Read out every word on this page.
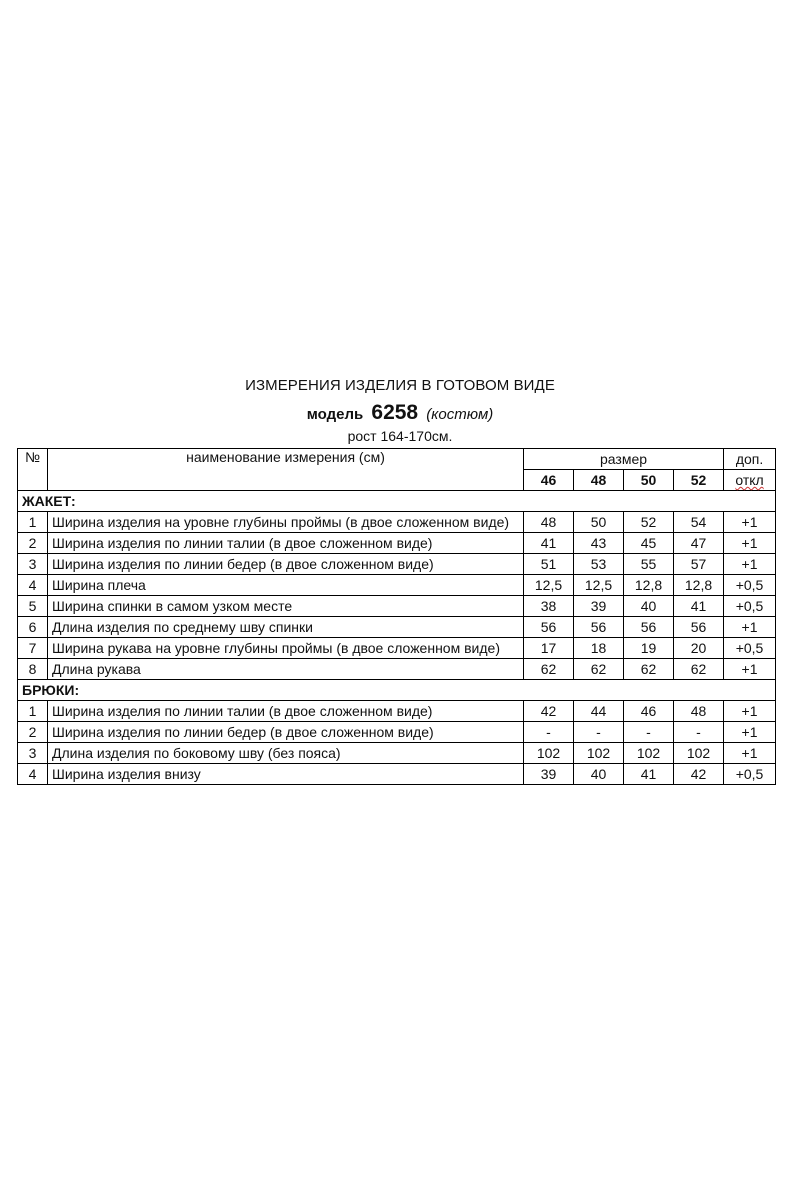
ИЗМЕРЕНИЯ ИЗДЕЛИЯ В ГОТОВОМ ВИДЕ
модель 6258 (костюм)
рост 164-170см.
№	наименование измерения (см)	размер				доп.
		46	48	50	52	откл
ЖАКЕТ:						
1	Ширина изделия на уровне глубины проймы (в двое сложенном виде)	48	50	52	54	+1
2	Ширина изделия по линии талии (в двое сложенном виде)	41	43	45	47	+1
3	Ширина изделия по линии бедер (в двое сложенном виде)	51	53	55	57	+1
4	Ширина плеча	12,5	12,5	12,8	12,8	+0,5
5	Ширина спинки в самом узком месте	38	39	40	41	+0,5
6	Длина изделия по среднему шву спинки	56	56	56	56	+1
7	Ширина рукава на уровне глубины проймы (в двое сложенном виде)	17	18	19	20	+0,5
8	Длина рукава	62	62	62	62	+1
БРЮКИ:						
1	Ширина изделия по линии талии (в двое сложенном виде)	42	44	46	48	+1
2	Ширина изделия по линии бедер (в двое сложенном виде)	-	-	-	-	+1
3	Длина изделия по боковому шву (без пояса)	102	102	102	102	+1
4	Ширина изделия внизу	39	40	41	42	+0,5
